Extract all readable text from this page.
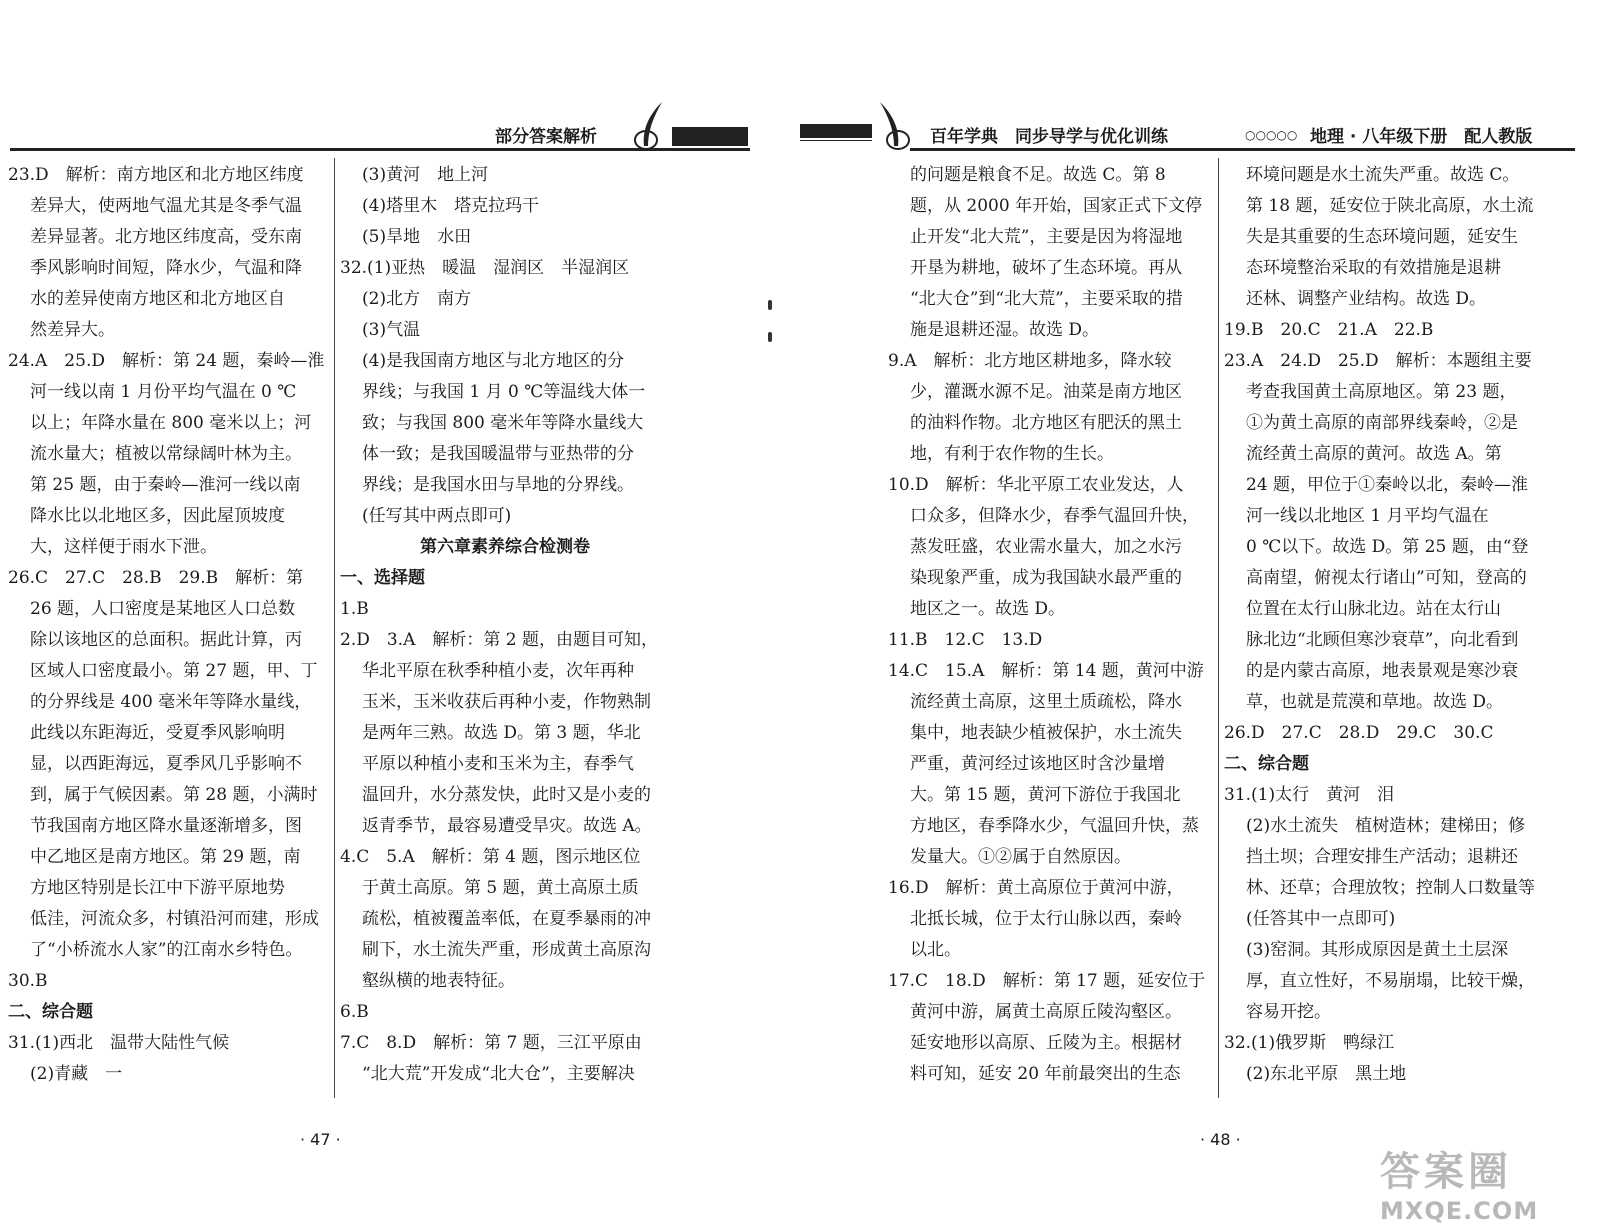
部分答案解析
23.D　解析：南方地区和北方地区纬度
差异大，使两地气温尤其是冬季气温
差异显著。北方地区纬度高，受东南
季风影响时间短，降水少，气温和降
水的差异使南方地区和北方地区自
然差异大。
24.A　25.D　解析：第 24 题，秦岭—淮
河一线以南 1 月份平均气温在 0 ℃
以上；年降水量在 800 毫米以上；河
流水量大；植被以常绿阔叶林为主。
第 25 题，由于秦岭—淮河一线以南
降水比以北地区多，因此屋顶坡度
大，这样便于雨水下泄。
26.C　27.C　28.B　29.B　解析：第
26 题，人口密度是某地区人口总数
除以该地区的总面积。据此计算，丙
区域人口密度最小。第 27 题，甲、丁
的分界线是 400 毫米年等降水量线，
此线以东距海近，受夏季风影响明
显，以西距海远，夏季风几乎影响不
到，属于气候因素。第 28 题，小满时
节我国南方地区降水量逐渐增多，图
中乙地区是南方地区。第 29 题，南
方地区特别是长江中下游平原地势
低洼，河流众多，村镇沿河而建，形成
了“小桥流水人家”的江南水乡特色。
30.B
二、综合题
31.(1)西北　温带大陆性气候
(2)青藏　一
(3)黄河　地上河
(4)塔里木　塔克拉玛干
(5)旱地　水田
32.(1)亚热　暖温　湿润区　半湿润区
(2)北方　南方
(3)气温
(4)是我国南方地区与北方地区的分
界线；与我国 1 月 0 ℃等温线大体一
致；与我国 800 毫米年等降水量线大
体一致；是我国暖温带与亚热带的分
界线；是我国水田与旱地的分界线。
(任写其中两点即可)
第六章素养综合检测卷
一、选择题
1.B
2.D　3.A　解析：第 2 题，由题目可知，
华北平原在秋季种植小麦，次年再种
玉米，玉米收获后再种小麦，作物熟制
是两年三熟。故选 D。第 3 题，华北
平原以种植小麦和玉米为主，春季气
温回升，水分蒸发快，此时又是小麦的
返青季节，最容易遭受旱灾。故选 A。
4.C　5.A　解析：第 4 题，图示地区位
于黄土高原。第 5 题，黄土高原土质
疏松，植被覆盖率低，在夏季暴雨的冲
刷下，水土流失严重，形成黄土高原沟
壑纵横的地表特征。
6.B
7.C　8.D　解析：第 7 题，三江平原由
“北大荒”开发成“北大仓”，主要解决
· 47 ·
百年学典　同步导学与优化训练	○○○○○ 地理 · 八年级下册　配人教版
的问题是粮食不足。故选 C。第 8
题，从 2000 年开始，国家正式下文停
止开发“北大荒”，主要是因为将湿地
开垦为耕地，破坏了生态环境。再从
“北大仓”到“北大荒”，主要采取的措
施是退耕还湿。故选 D。
9.A　解析：北方地区耕地多，降水较
少，灌溉水源不足。油菜是南方地区
的油料作物。北方地区有肥沃的黑土
地，有利于农作物的生长。
10.D　解析：华北平原工农业发达，人
口众多，但降水少，春季气温回升快，
蒸发旺盛，农业需水量大，加之水污
染现象严重，成为我国缺水最严重的
地区之一。故选 D。
11.B　12.C　13.D
14.C　15.A　解析：第 14 题，黄河中游
流经黄土高原，这里土质疏松，降水
集中，地表缺少植被保护，水土流失
严重，黄河经过该地区时含沙量增
大。第 15 题，黄河下游位于我国北
方地区，春季降水少，气温回升快，蒸
发量大。①②属于自然原因。
16.D　解析：黄土高原位于黄河中游，
北抵长城，位于太行山脉以西，秦岭
以北。
17.C　18.D　解析：第 17 题，延安位于
黄河中游，属黄土高原丘陵沟壑区。
延安地形以高原、丘陵为主。根据材
料可知，延安 20 年前最突出的生态
环境问题是水土流失严重。故选 C。
第 18 题，延安位于陕北高原，水土流
失是其重要的生态环境问题，延安生
态环境整治采取的有效措施是退耕
还林、调整产业结构。故选 D。
19.B　20.C　21.A　22.B
23.A　24.D　25.D　解析：本题组主要
考查我国黄土高原地区。第 23 题，
①为黄土高原的南部界线秦岭，②是
流经黄土高原的黄河。故选 A。第
24 题，甲位于①秦岭以北，秦岭—淮
河一线以北地区 1 月平均气温在
0 ℃以下。故选 D。第 25 题，由“登
高南望，俯视太行诸山”可知，登高的
位置在太行山脉北边。站在太行山
脉北边“北顾但寒沙衰草”，向北看到
的是内蒙古高原，地表景观是寒沙衰
草，也就是荒漠和草地。故选 D。
26.D　27.C　28.D　29.C　30.C
二、综合题
31.(1)太行　黄河　泪
(2)水土流失　植树造林；建梯田；修
挡土坝；合理安排生产活动；退耕还
林、还草；合理放牧；控制人口数量等
(任答其中一点即可)
(3)窑洞。其形成原因是黄土土层深
厚，直立性好，不易崩塌，比较干燥，
容易开挖。
32.(1)俄罗斯　鸭绿江
(2)东北平原　黑土地
· 48 ·
答案圈
MXQE.COM
